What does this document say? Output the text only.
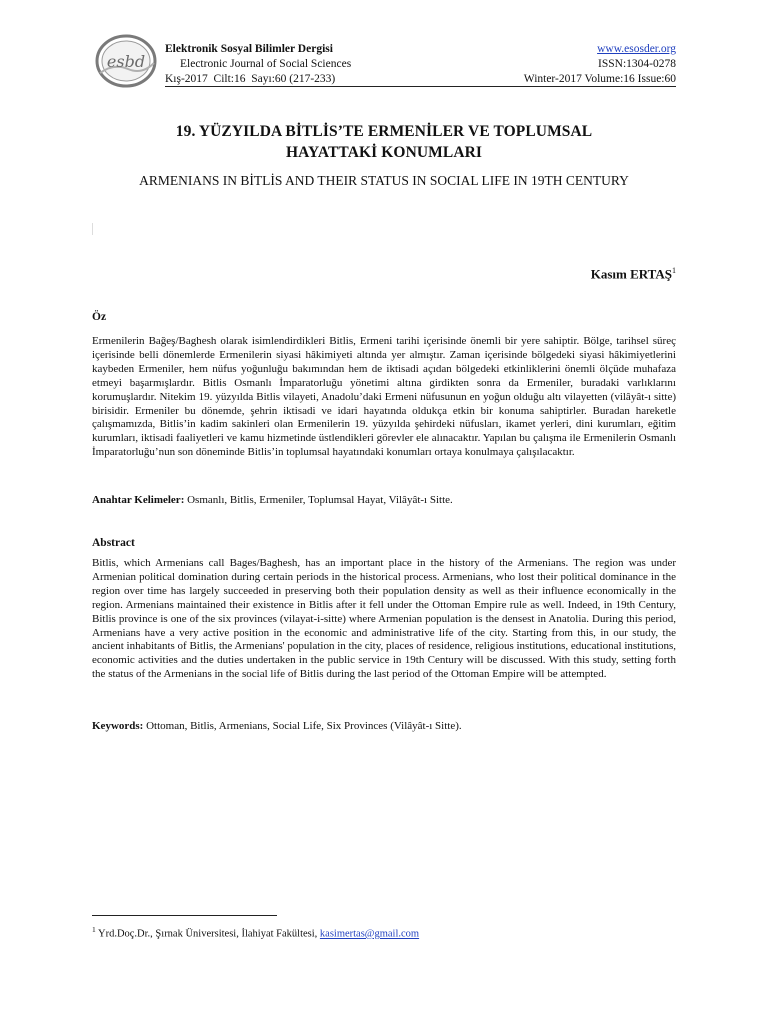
esbd
Elektronik Sosyal Bilimler Dergisi
Electronic Journal of Social Sciences
Kış-2017  Cilt:16  Sayı:60 (217-233)
www.esosder.org
ISSN:1304-0278
Winter-2017 Volume:16 Issue:60
19. YÜZYILDA BİTLİS’TE ERMENİLER VE TOPLUMSAL
HAYATTAKİ KONUMLARI
ARMENIANS IN BİTLİS AND THEIR STATUS IN SOCIAL LIFE IN 19TH CENTURY
Kasım ERTAŞ$^1$
Öz
Ermenilerin Bağeş/Baghesh olarak isimlendirdikleri Bitlis, Ermeni tarihi içerisinde önemli bir yere sahiptir. Bölge, tarihsel süreç içerisinde belli dönemlerde Ermenilerin siyasi hâkimiyeti altında yer almıştır. Zaman içerisinde bölgedeki siyasi hâkimiyetlerini kaybeden Ermeniler, hem nüfus yoğunluğu bakımından hem de iktisadi açıdan bölgedeki etkinliklerini önemli ölçüde muhafaza etmeyi başarmışlardır. Bitlis Osmanlı İmparatorluğu yönetimi altına girdikten sonra da Ermeniler, buradaki varlıklarını korumuşlardır. Nitekim 19. yüzyılda Bitlis vilayeti, Anadolu’daki Ermeni nüfusunun en yoğun olduğu altı vilayetten (vilâyât-ı sitte) birisidir. Ermeniler bu dönemde, şehrin iktisadi ve idari hayatında oldukça etkin bir konuma sahiptirler. Buradan hareketle çalışmamızda, Bitlis’in kadim sakinleri olan Ermenilerin 19. yüzyılda şehirdeki nüfusları, ikamet yerleri, dini kurumları, eğitim kurumları, iktisadi faaliyetleri ve kamu hizmetinde üstlendikleri görevler ele alınacaktır. Yapılan bu çalışma ile Ermenilerin Osmanlı İmparatorluğu’nun son döneminde Bitlis’in toplumsal hayatındaki konumları ortaya konulmaya çalışılacaktır.
Anahtar Kelimeler: Osmanlı, Bitlis, Ermeniler, Toplumsal Hayat, Vilâyât-ı Sitte.
Abstract
Bitlis, which Armenians call Bages/Baghesh, has an important place in the history of the Armenians. The region was under Armenian political domination during certain periods in the historical process. Armenians, who lost their political dominance in the region over time has largely succeeded in preserving both their population density as well as their influence economically in the region. Armenians maintained their existence in Bitlis after it fell under the Ottoman Empire rule as well. Indeed, in 19th Century, Bitlis province is one of the six provinces (vilayat-i-sitte) where Armenian population is the densest in Anatolia. During this period, Armenians have a very active position in the economic and administrative life of the city. Starting from this, in our study, the ancient inhabitants of Bitlis, the Armenians' population in the city, places of residence, religious institutions, educational institutions, economic activities and the duties undertaken in the public service in 19th Century will be discussed. With this study, setting forth the status of the Armenians in the social life of Bitlis during the last period of the Ottoman Empire will be attempted.
Keywords: Ottoman, Bitlis, Armenians, Social Life, Six Provinces (Vilâyât-ı Sitte).
$^1$ Yrd.Doç.Dr., Şırnak Üniversitesi, İlahiyat Fakültesi, kasimertas@gmail.com
